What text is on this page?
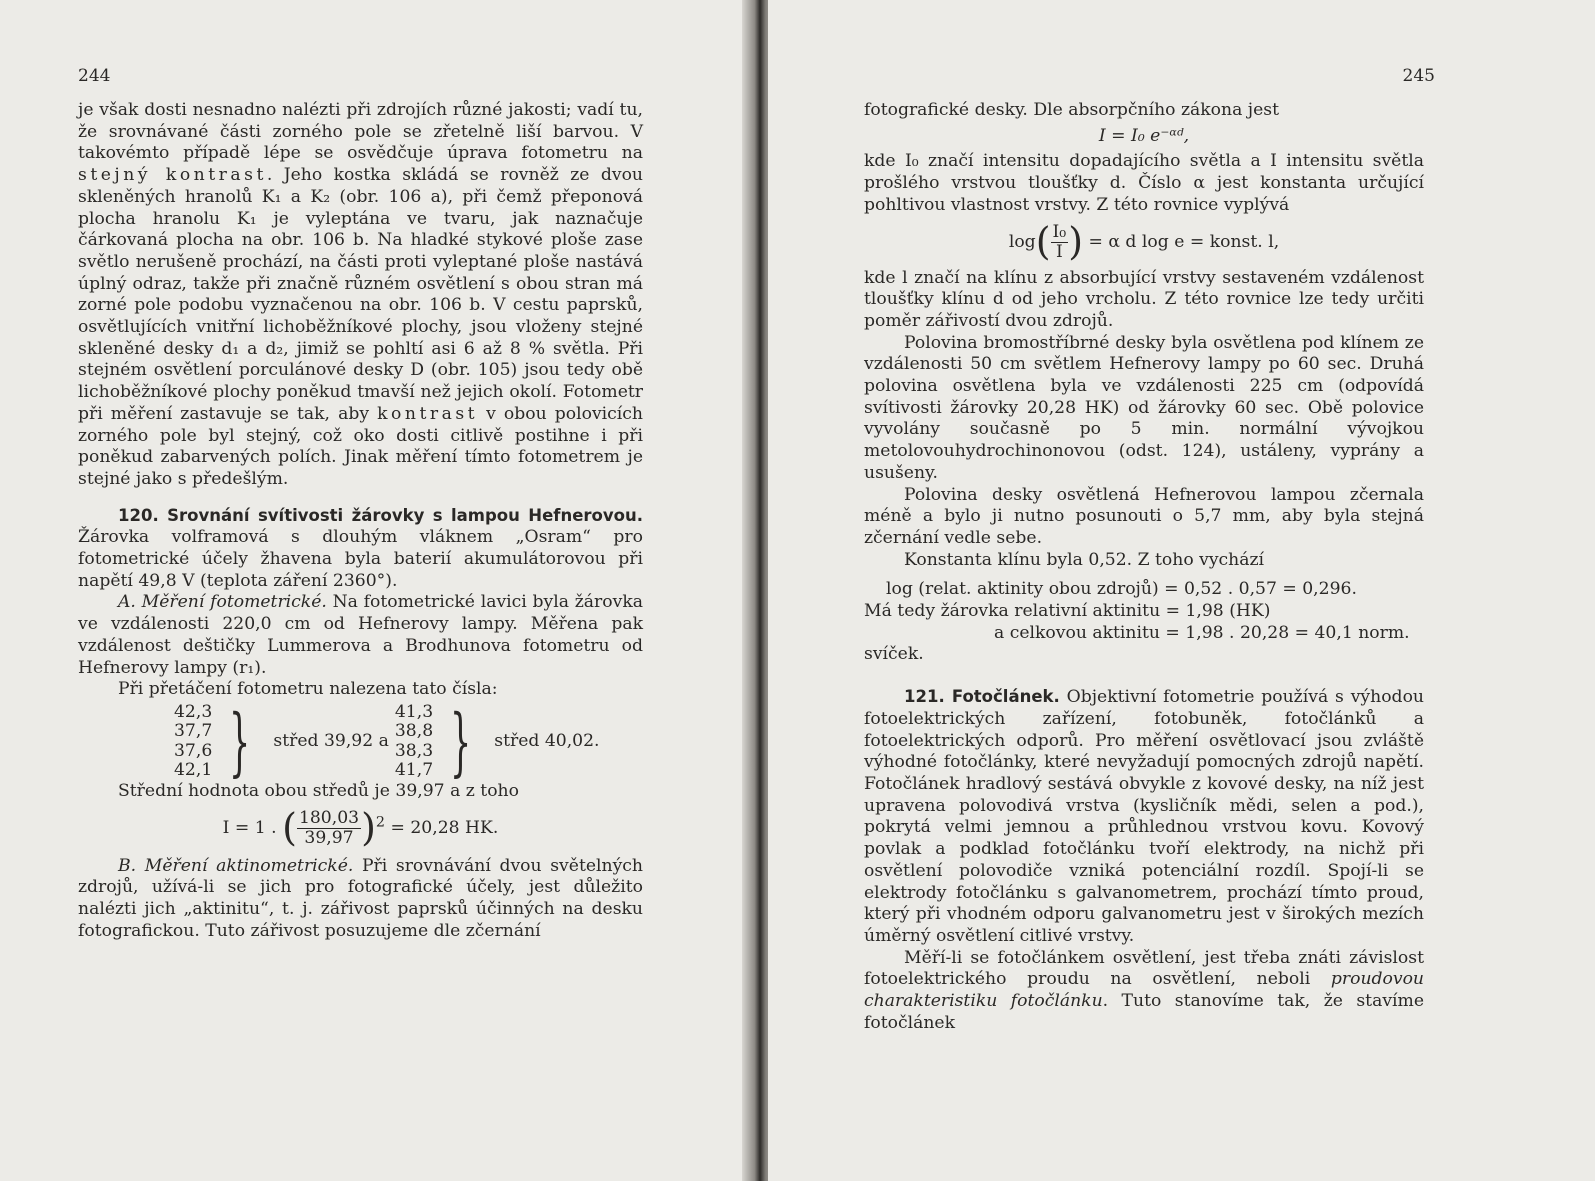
244

je však dosti nesnadno nalézti při zdrojích různé jakosti; vadí tu, že srovnávané části zorného pole se zřetelně liší barvou. V takovémto případě lépe se osvědčuje úprava fotometru na stejný kontrast. Jeho kostka skládá se rovněž ze dvou skleněných hranolů K₁ a K₂ (obr. 106 a), při čemž přeponová plocha hranolu K₁ je vyleptána ve tvaru, jak naznačuje čárkovaná plocha na obr. 106 b. Na hladké stykové ploše zase světlo nerušeně prochází, na části proti vyleptané ploše nastává úplný odraz, takže při značně různém osvětlení s obou stran má zorné pole podobu vyznačenou na obr. 106 b. V cestu paprsků, osvětlujících vnitřní lichoběžníkové plochy, jsou vloženy stejné skleněné desky d₁ a d₂, jimiž se pohltí asi 6 až 8 % světla. Při stejném osvětlení porculánové desky D (obr. 105) jsou tedy obě lichoběžníkové plochy poněkud tmavší než jejich okolí. Fotometr při měření zastavuje se tak, aby kontrast v obou polovicích zorného pole byl stejný, což oko dosti citlivě postihne i při poněkud zabarvených polích. Jinak měření tímto fotometrem je stejné jako s předešlým.

120. Srovnání svítivosti žárovky s lampou Hefnerovou. Žárovka volframová s dlouhým vláknem „Osram“ pro fotometrické účely žhavena byla baterií akumulátorovou při napětí 49,8 V (teplota záření 2360°).

A. Měření fotometrické. Na fotometrické lavici byla žárovka ve vzdálenosti 220,0 cm od Hefnerovy lampy. Měřena pak vzdálenost deštičky Lummerova a Brodhunova fotometru od Hefnerovy lampy (r₁).

Při přetáčení fotometru nalezena tato čísla:

42,3
37,7
37,6
42,1 } střed 39,92 a
41,3
38,8
38,3
41,7 } střed 40,02.

Střední hodnota obou středů je 39,97 a z toho

I = 1 . ( $\frac{180,03}{39,97} )^2 = 20,28$ HK.

B. Měření aktinometrické. Při srovnávání dvou světelných zdrojů, užívá-li se jich pro fotografické účely, jest důležito nalézti jich „aktinitu“, t. j. zářivost paprsků účinných na desku fotografickou. Tuto zářivost posuzujeme dle zčernání

245

fotografické desky. Dle absorpčního zákona jest

I = I₀ e⁻ᵅᵈ,

kde I₀ značí intensitu dopadajícího světla a I intensitu světla prošlého vrstvou tloušťky d. Číslo α jest konstanta určující pohltivou vlastnost vrstvy. Z této rovnice vyplývá

$\log( \frac{\text{I₀}}{I}$ ) = α d log e = konst. l,

kde l značí na klínu z absorbující vrstvy sestaveném vzdálenost tloušťky klínu d od jeho vrcholu. Z této rovnice lze tedy určiti poměr zářivostí dvou zdrojů.

Polovina bromostříbrné desky byla osvětlena pod klínem ze vzdálenosti 50 cm světlem Hefnerovy lampy po 60 sec. Druhá polovina osvětlena byla ve vzdálenosti 225 cm (odpovídá svítivosti žárovky 20,28 HK) od žárovky 60 sec. Obě polovice vyvolány současně po 5 min. normální vývojkou metolovouhydrochinonovou (odst. 124), ustáleny, vyprány a usušeny.

Polovina desky osvětlená Hefnerovou lampou zčernala méně a bylo ji nutno posunouti o 5,7 mm, aby byla stejná zčernání vedle sebe.

Konstanta klínu byla 0,52. Z toho vychází

log (relat. aktinity obou zdrojů) = 0,52 . 0,57 = 0,296.

Má tedy žárovka relativní aktinitu = 1,98 (HK)

a celkovou aktinitu = 1,98 . 20,28 = 40,1 norm.

svíček.

121. Fotočlánek. Objektivní fotometrie používá s výhodou fotoelektrických zařízení, fotobuněk, fotočlánků a fotoelektrických odporů. Pro měření osvětlovací jsou zvláště výhodné fotočlánky, které nevyžadují pomocných zdrojů napětí. Fotočlánek hradlový sestává obvykle z kovové desky, na níž jest upravena polovodivá vrstva (kysličník mědi, selen a pod.), pokrytá velmi jemnou a průhlednou vrstvou kovu. Kovový povlak a podklad fotočlánku tvoří elektrody, na nichž při osvětlení polovodiče vzniká potenciální rozdíl. Spojí-li se elektrody fotočlánku s galvanometrem, prochází tímto proud, který při vhodném odporu galvanometru jest v širokých mezích úměrný osvětlení citlivé vrstvy.

Měří-li se fotočlánkem osvětlení, jest třeba znáti závislost fotoelektrického proudu na osvětlení, neboli proudovou charakteristiku fotočlánku. Tuto stanovíme tak, že stavíme fotočlánek
